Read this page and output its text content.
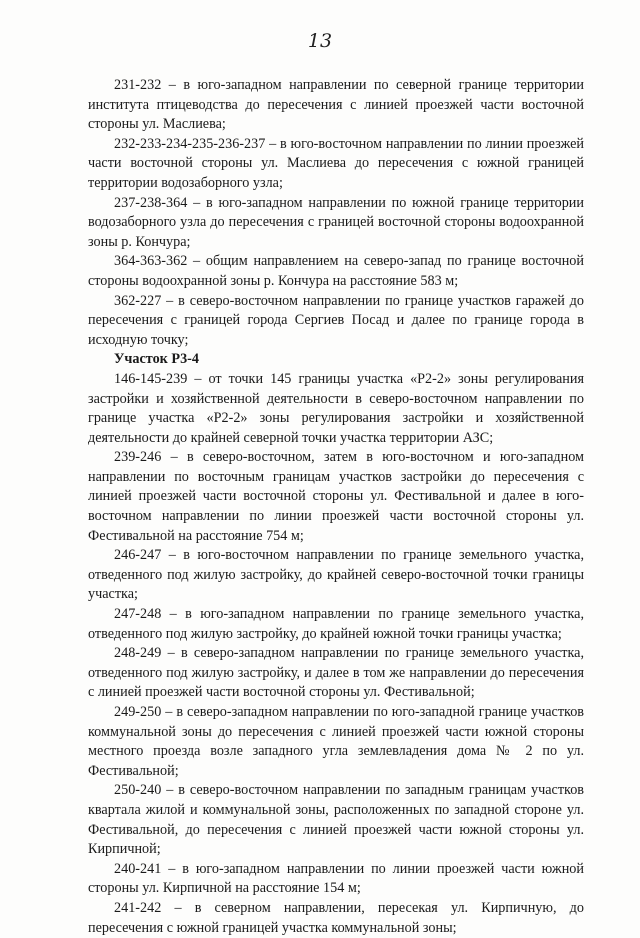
13

231-232 – в юго-западном направлении по северной границе территории института птицеводства до пересечения с линией проезжей части восточной стороны ул. Маслиева;

232-233-234-235-236-237 – в юго-восточном направлении по линии проезжей части восточной стороны ул. Маслиева до пересечения с южной границей территории водозаборного узла;

237-238-364 – в юго-западном направлении по южной границе территории водозаборного узла до пересечения с границей восточной стороны водоохранной зоны р. Кончура;

364-363-362 – общим направлением на северо-запад по границе восточной стороны водоохранной зоны р. Кончура на расстояние 583 м;

362-227 – в северо-восточном направлении по границе участков гаражей до пересечения с границей города Сергиев Посад и далее по границе города в исходную точку;

Участок Р3-4

146-145-239 – от точки 145 границы участка «Р2-2» зоны регулирования застройки и хозяйственной деятельности в северо-восточном направлении по границе участка «Р2-2» зоны регулирования застройки и хозяйственной деятельности до крайней северной точки участка территории АЗС;

239-246 – в северо-восточном, затем в юго-восточном и юго-западном направлении по восточным границам участков застройки до пересечения с линией проезжей части восточной стороны ул. Фестивальной и далее в юго-восточном направлении по линии проезжей части восточной стороны ул. Фестивальной на расстояние 754 м;

246-247 – в юго-восточном направлении по границе земельного участка, отведенного под жилую застройку, до крайней северо-восточной точки границы участка;

247-248 – в юго-западном направлении по границе земельного участка, отведенного под жилую застройку, до крайней южной точки границы участка;

248-249 – в северо-западном направлении по границе земельного участка, отведенного под жилую застройку, и далее в том же направлении до пересечения с линией проезжей части восточной стороны ул. Фестивальной;

249-250 – в северо-западном направлении по юго-западной границе участков коммунальной зоны до пересечения с линией проезжей части южной стороны местного проезда возле западного угла землевладения дома № 2 по ул. Фестивальной;

250-240 – в северо-восточном направлении по западным границам участков квартала жилой и коммунальной зоны, расположенных по западной стороне ул. Фестивальной, до пересечения с линией проезжей части южной стороны ул. Кирпичной;

240-241 – в юго-западном направлении по линии проезжей части южной стороны ул. Кирпичной на расстояние 154 м;

241-242 – в северном направлении, пересекая ул. Кирпичную, до пересечения с южной границей участка коммунальной зоны;
